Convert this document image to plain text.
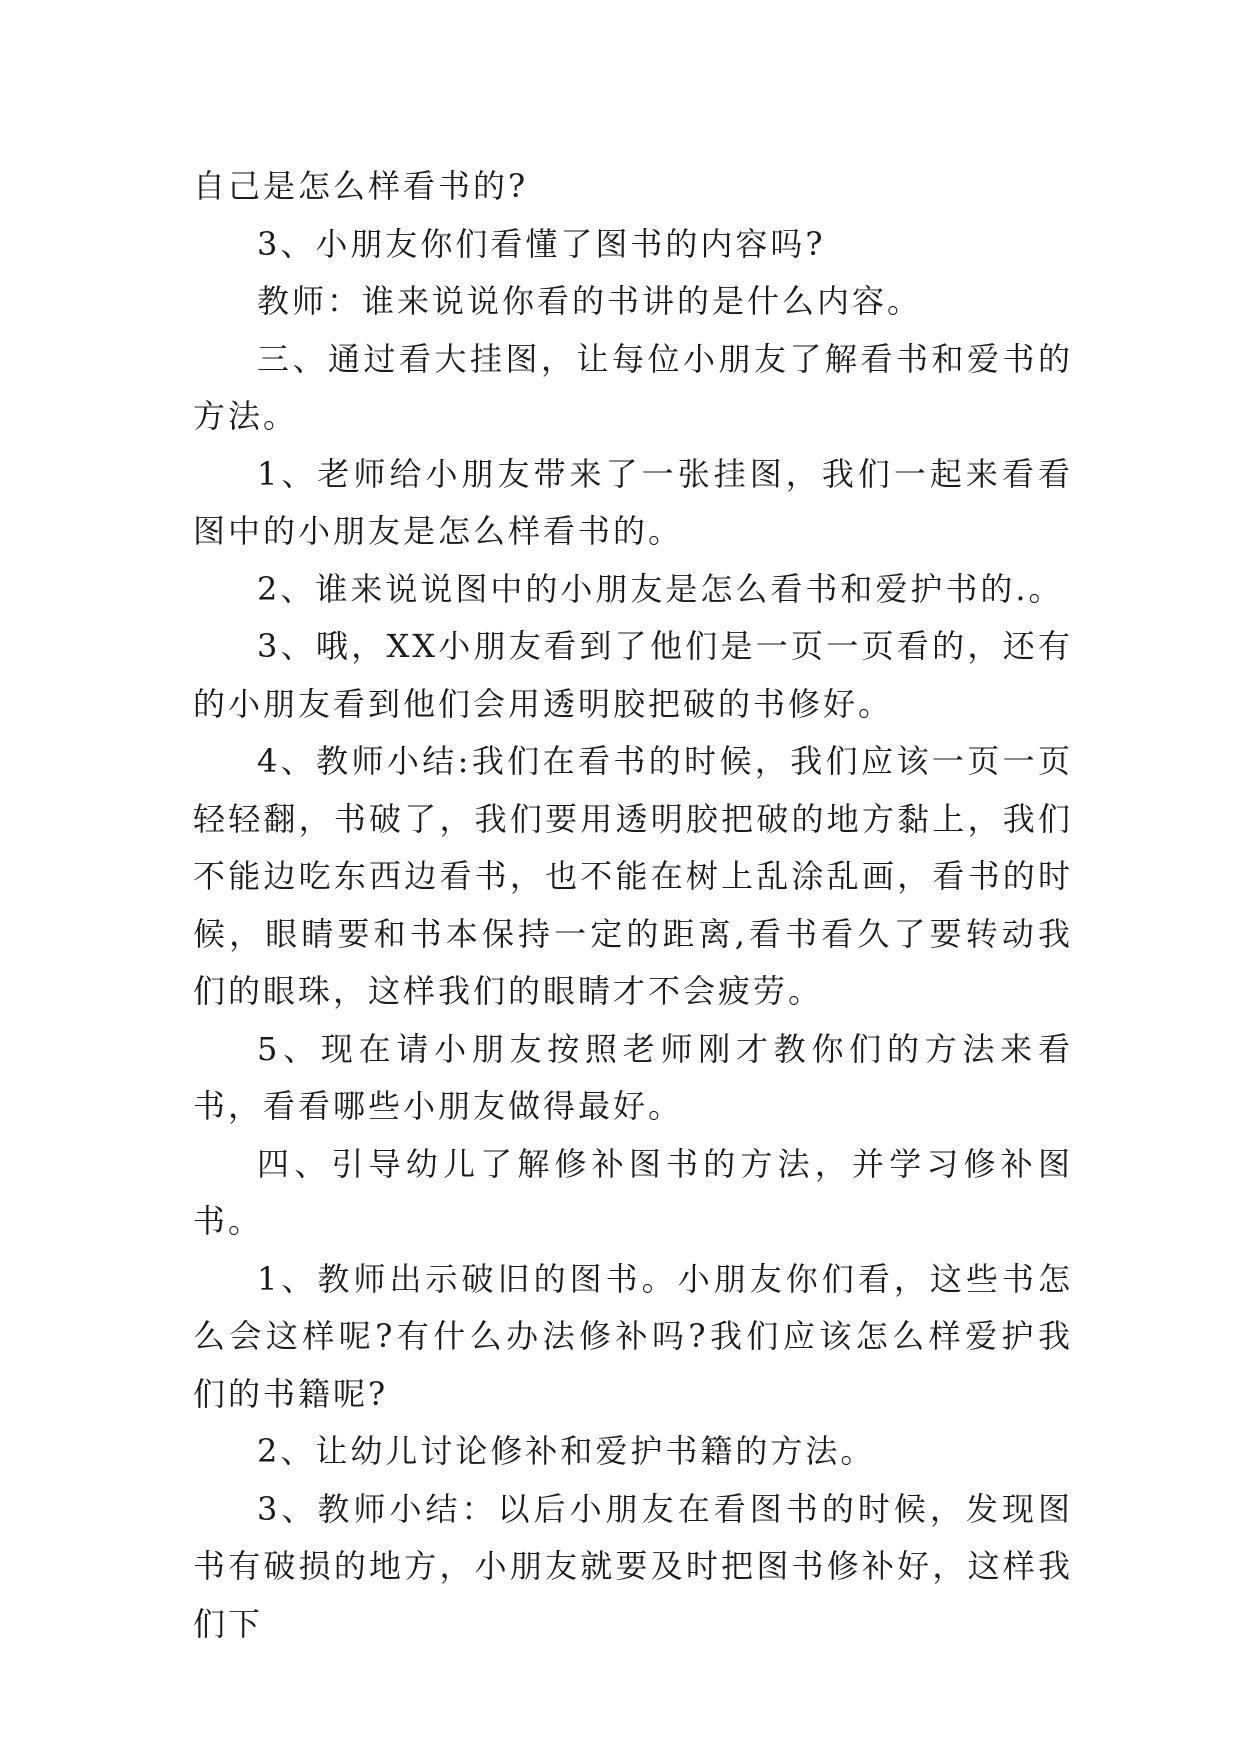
自己是怎么样看书的?

3、小朋友你们看懂了图书的内容吗?

教师：谁来说说你看的书讲的是什么内容。

三、通过看大挂图，让每位小朋友了解看书和爱书的方法。

1、老师给小朋友带来了一张挂图，我们一起来看看图中的小朋友是怎么样看书的。

2、谁来说说图中的小朋友是怎么看书和爱护书的.。

3、哦，XX小朋友看到了他们是一页一页看的，还有的小朋友看到他们会用透明胶把破的书修好。

4、教师小结:我们在看书的时候，我们应该一页一页轻轻翻，书破了，我们要用透明胶把破的地方黏上，我们不能边吃东西边看书，也不能在树上乱涂乱画，看书的时候，眼睛要和书本保持一定的距离,看书看久了要转动我们的眼珠，这样我们的眼睛才不会疲劳。

5、现在请小朋友按照老师刚才教你们的方法来看书，看看哪些小朋友做得最好。

四、引导幼儿了解修补图书的方法，并学习修补图书。

1、教师出示破旧的图书。小朋友你们看，这些书怎么会这样呢?有什么办法修补吗?我们应该怎么样爱护我们的书籍呢?

2、让幼儿讨论修补和爱护书籍的方法。

3、教师小结：以后小朋友在看图书的时候，发现图书有破损的地方，小朋友就要及时把图书修补好，这样我们下
